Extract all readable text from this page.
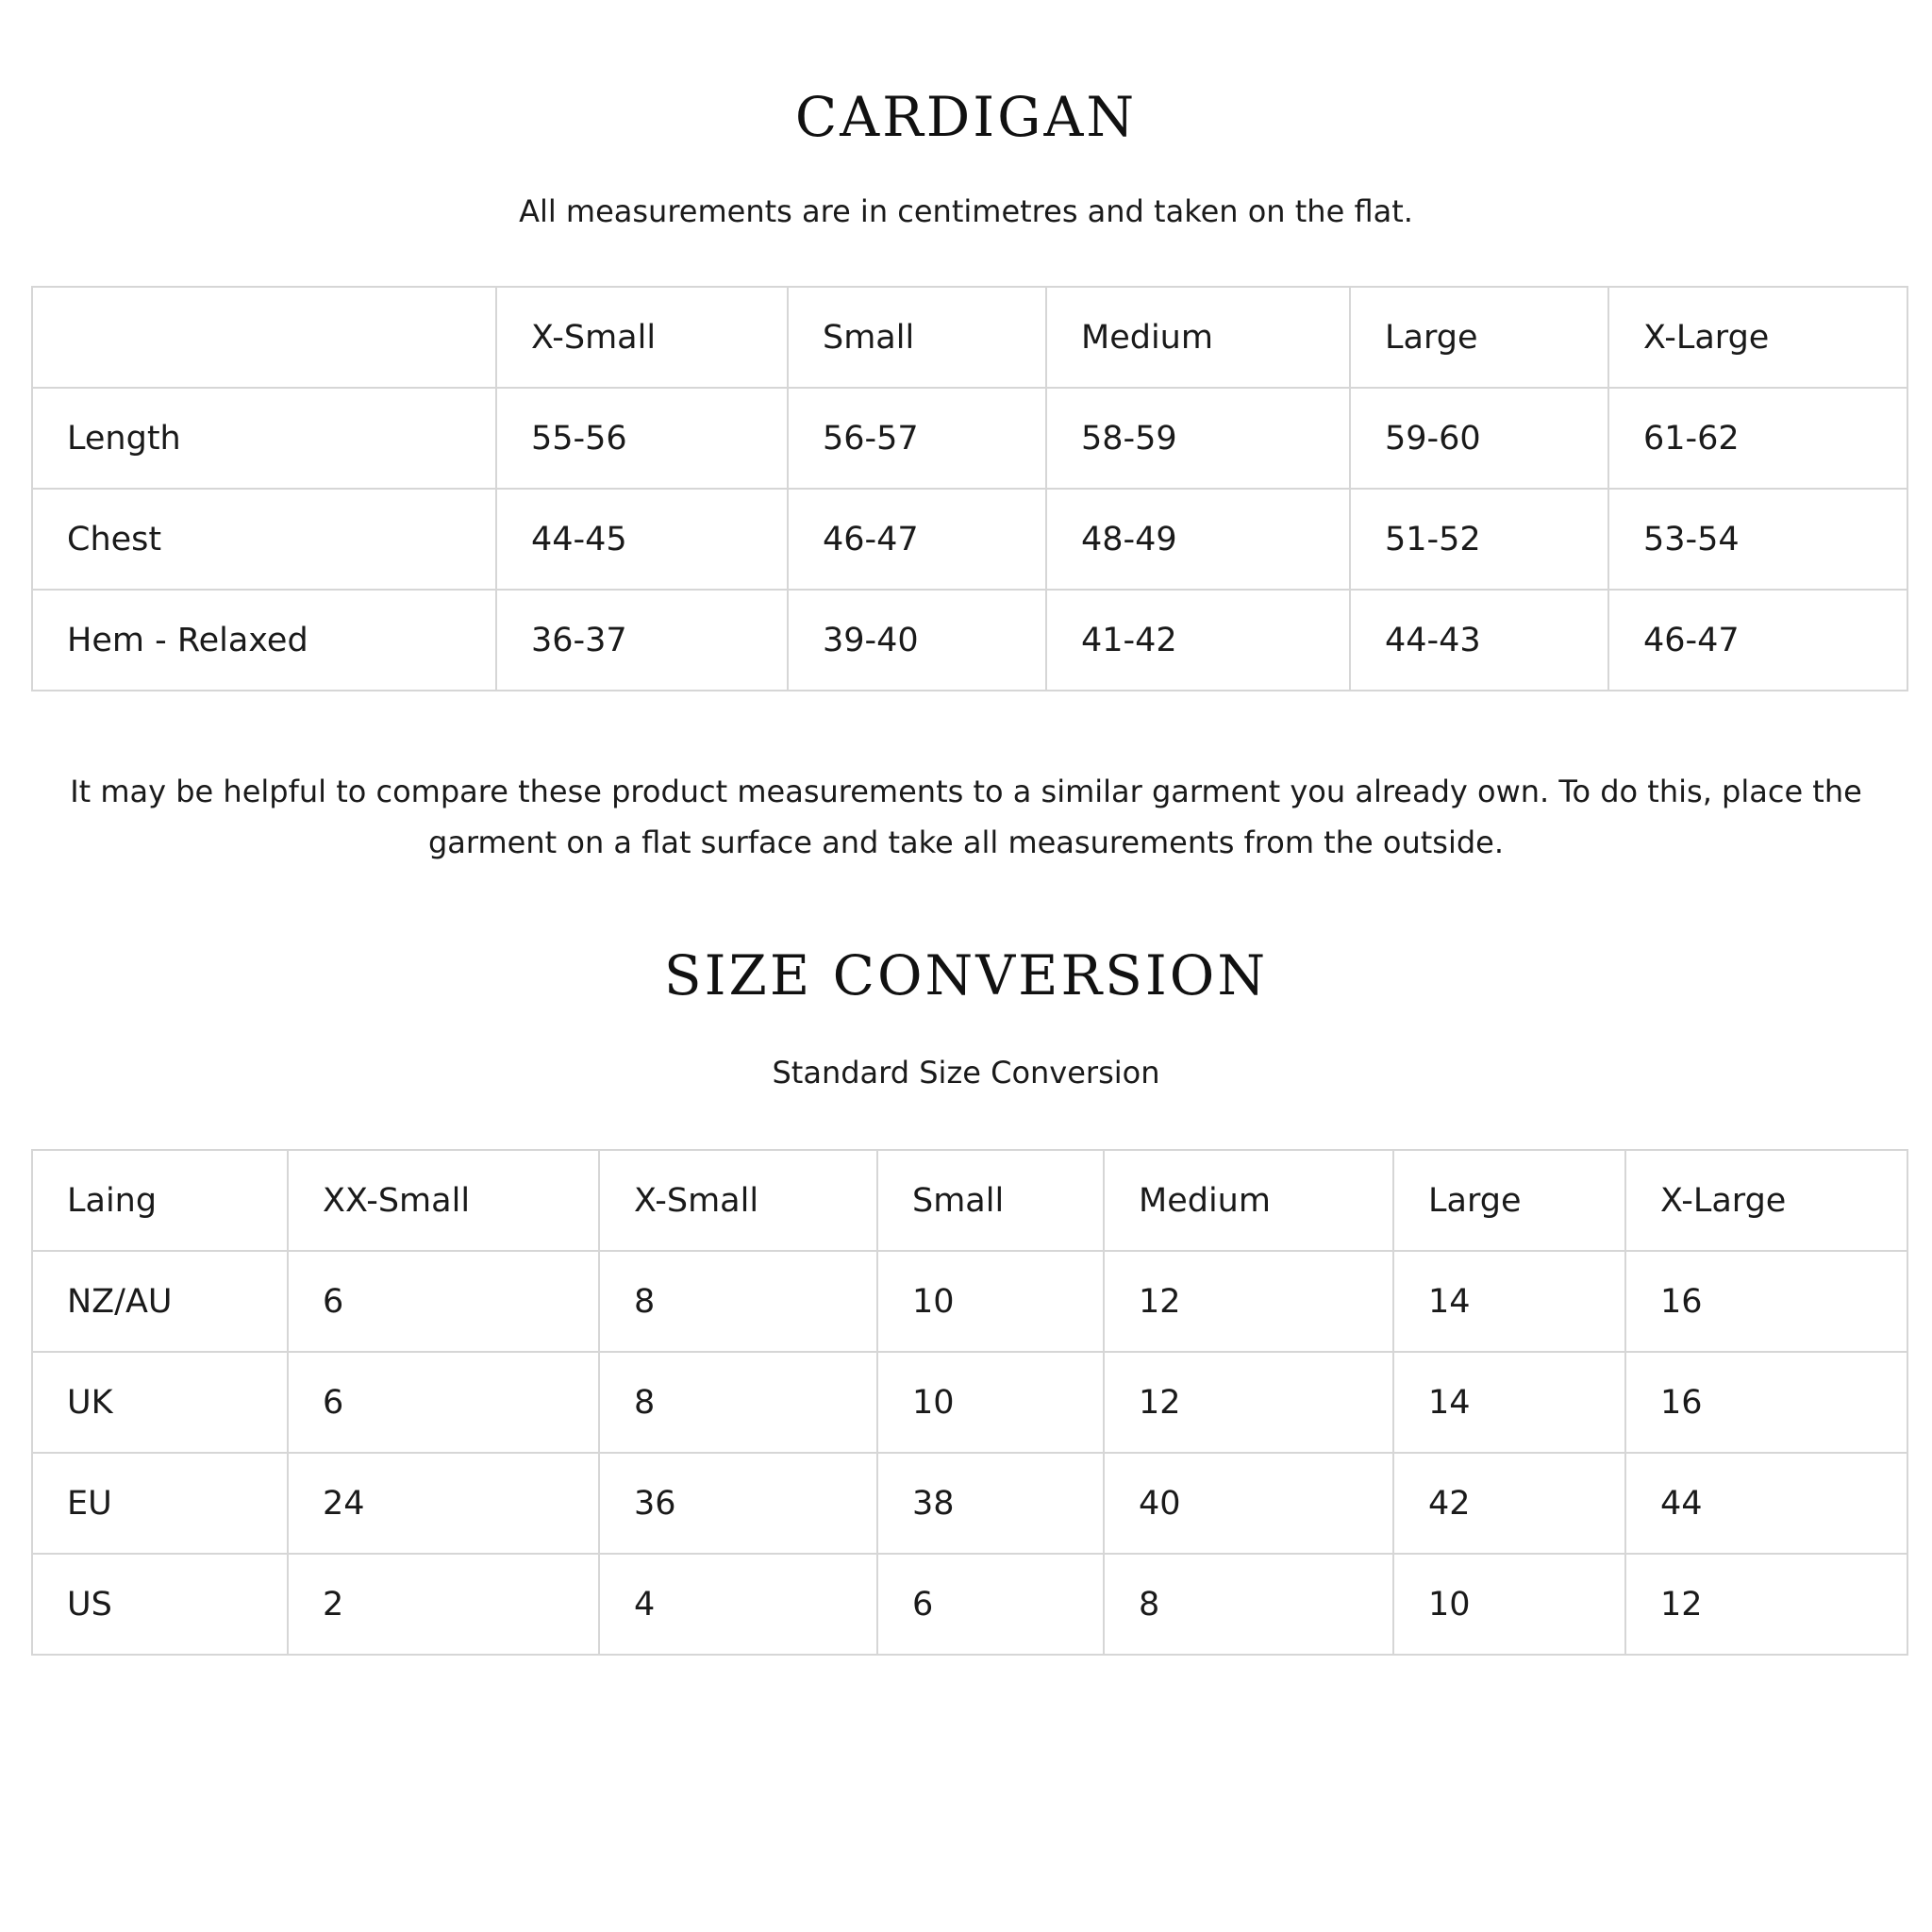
CARDIGAN

All measurements are in centimetres and taken on the flat.

	X-Small	Small	Medium	Large	X-Large
Length	55-56	56-57	58-59	59-60	61-62
Chest	44-45	46-47	48-49	51-52	53-54
Hem - Relaxed	36-37	39-40	41-42	44-43	46-47

It may be helpful to compare these product measurements to a similar garment you already own. To do this, place the garment on a flat surface and take all measurements from the outside.

SIZE CONVERSION

Standard Size Conversion

Laing	XX-Small	X-Small	Small	Medium	Large	X-Large
NZ/AU	6	8	10	12	14	16
UK	6	8	10	12	14	16
EU	24	36	38	40	42	44
US	2	4	6	8	10	12
